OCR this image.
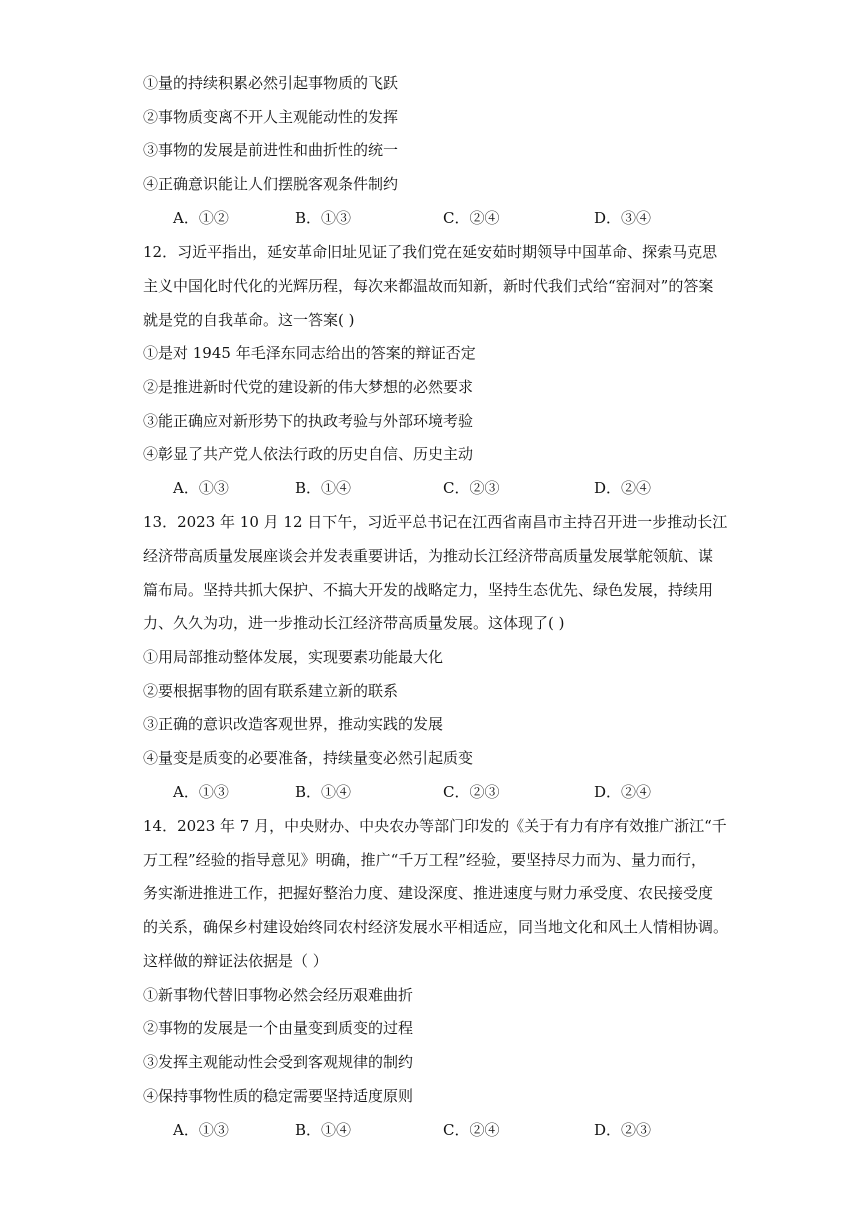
①量的持续积累必然引起事物质的飞跃
②事物质变离不开人主观能动性的发挥
③事物的发展是前进性和曲折性的统一
④正确意识能让人们摆脱客观条件制约
A．①②	B．①③	C．②④	D．③④
12．习近平指出，延安革命旧址见证了我们党在延安茹时期领导中国革命、探索马克思
主义中国化时代化的光辉历程，每次来都温故而知新，新时代我们式给“窑洞对”的答案
就是党的自我革命。这一答案( )
①是对 1945 年毛泽东同志给出的答案的辩证否定
②是推进新时代党的建设新的伟大梦想的必然要求
③能正确应对新形势下的执政考验与外部环境考验
④彰显了共产党人依法行政的历史自信、历史主动
A．①③	B．①④	C．②③	D．②④
13．2023 年 10 月 12 日下午，习近平总书记在江西省南昌市主持召开进一步推动长江
经济带高质量发展座谈会并发表重要讲话，为推动长江经济带高质量发展掌舵领航、谋
篇布局。坚持共抓大保护、不搞大开发的战略定力，坚持生态优先、绿色发展，持续用
力、久久为功，进一步推动长江经济带高质量发展。这体现了( )
①用局部推动整体发展，实现要素功能最大化
②要根据事物的固有联系建立新的联系
③正确的意识改造客观世界，推动实践的发展
④量变是质变的必要准备，持续量变必然引起质变
A．①③	B．①④	C．②③	D．②④
14．2023 年 7 月，中央财办、中央农办等部门印发的《关于有力有序有效推广浙江“千
万工程”经验的指导意见》明确，推广“千万工程”经验，要坚持尽力而为、量力而行，
务实渐进推进工作，把握好整治力度、建设深度、推进速度与财力承受度、农民接受度
的关系，确保乡村建设始终同农村经济发展水平相适应，同当地文化和风土人情相协调。
这样做的辩证法依据是（ ）
①新事物代替旧事物必然会经历艰难曲折
②事物的发展是一个由量变到质变的过程
③发挥主观能动性会受到客观规律的制约
④保持事物性质的稳定需要坚持适度原则
A．①③	B．①④	C．②④	D．②③
